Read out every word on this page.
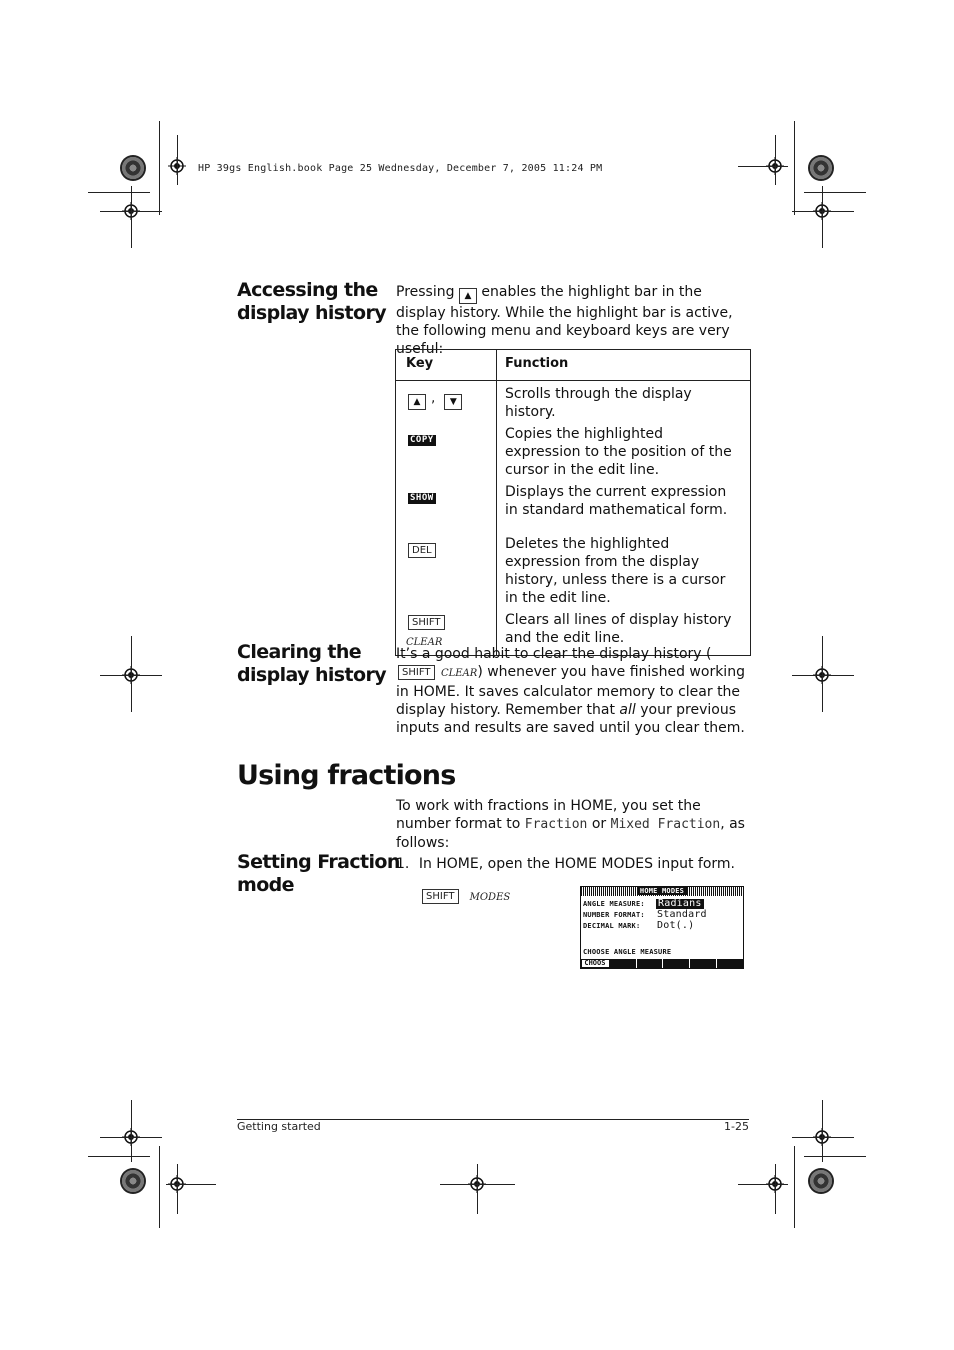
HP 39gs English.book Page 25 Wednesday, December 7, 2005 11:24 PM
Accessing the
display history
Pressing ▲ enables the highlight bar in the display history. While the highlight bar is active, the following menu and keyboard keys are very useful:
Key	Function
▲ , ▼	Scrolls through the display history.
COPY	Copies the highlighted expression to the position of the cursor in the edit line.
SHOW	Displays the current expression in standard mathematical form.
DEL	Deletes the highlighted expression from the display history, unless there is a cursor in the edit line.
SHIFT
CLEAR	Clears all lines of display history and the edit line.
Clearing the
display history
It’s a good habit to clear the display history (SHIFT CLEAR) whenever you have finished working in HOME. It saves calculator memory to clear the display history. Remember that all your previous inputs and results are saved until you clear them.
Using fractions
To work with fractions in HOME, you set the number format to Fraction or Mixed Fraction, as follows:
Setting Fraction
mode
1. In HOME, open the HOME MODES input form.
SHIFT MODES
HOME MODES
ANGLE MEASURE: Radians
NUMBER FORMAT: Standard
DECIMAL MARK: Dot(.)
CHOOSE ANGLE MEASURE
CHOOS
Getting started	1-25
